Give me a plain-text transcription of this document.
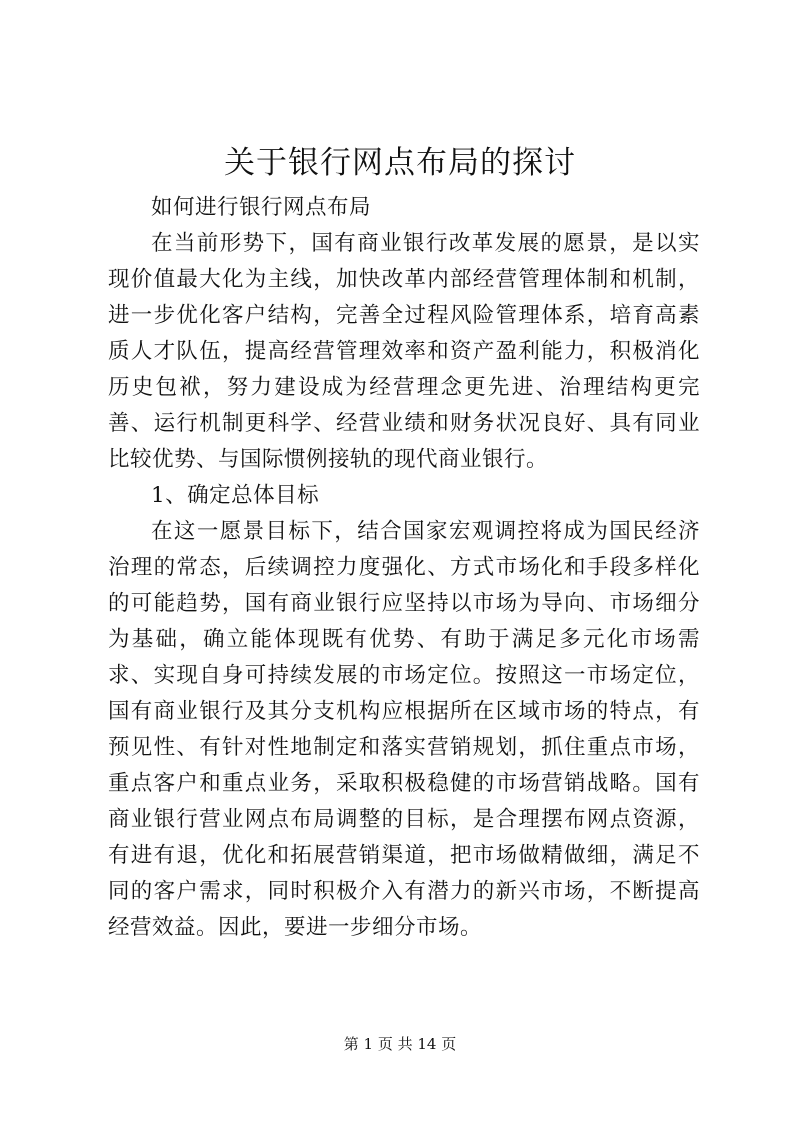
关于银行网点布局的探讨

如何进行银行网点布局

在当前形势下，国有商业银行改革发展的愿景，是以实现价值最大化为主线，加快改革内部经营管理体制和机制，进一步优化客户结构，完善全过程风险管理体系，培育高素质人才队伍，提高经营管理效率和资产盈利能力，积极消化历史包袱，努力建设成为经营理念更先进、治理结构更完善、运行机制更科学、经营业绩和财务状况良好、具有同业比较优势、与国际惯例接轨的现代商业银行。

1、确定总体目标

在这一愿景目标下，结合国家宏观调控将成为国民经济治理的常态，后续调控力度强化、方式市场化和手段多样化的可能趋势，国有商业银行应坚持以市场为导向、市场细分为基础，确立能体现既有优势、有助于满足多元化市场需求、实现自身可持续发展的市场定位。按照这一市场定位，国有商业银行及其分支机构应根据所在区域市场的特点，有预见性、有针对性地制定和落实营销规划，抓住重点市场，重点客户和重点业务，采取积极稳健的市场营销战略。国有商业银行营业网点布局调整的目标，是合理摆布网点资源，有进有退，优化和拓展营销渠道，把市场做精做细，满足不同的客户需求，同时积极介入有潜力的新兴市场，不断提高经营效益。因此，要进一步细分市场。

第 1 页 共 14 页
